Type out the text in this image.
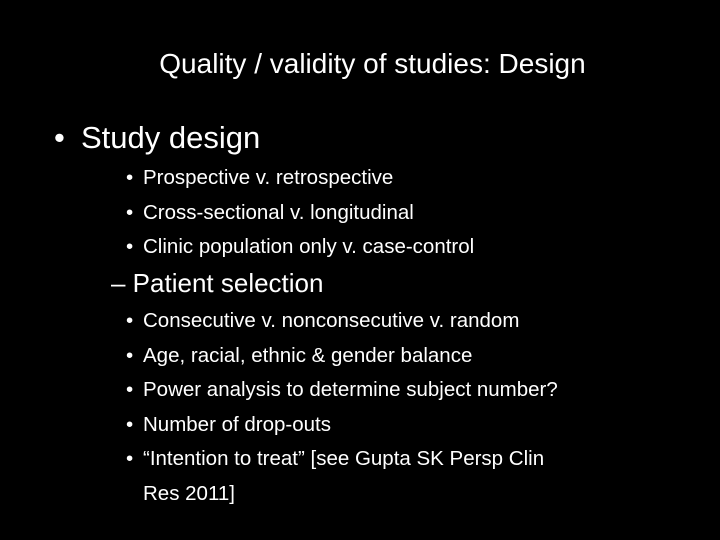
Quality / validity of studies: Design
• Study design
• Prospective v. retrospective
• Cross-sectional v. longitudinal
• Clinic population only v. case-control
– Patient selection
• Consecutive v. nonconsecutive v. random
• Age, racial, ethnic & gender balance
• Power analysis to determine subject number?
• Number of drop-outs
• “Intention to treat” [see Gupta SK Persp Clin
Res 2011]
